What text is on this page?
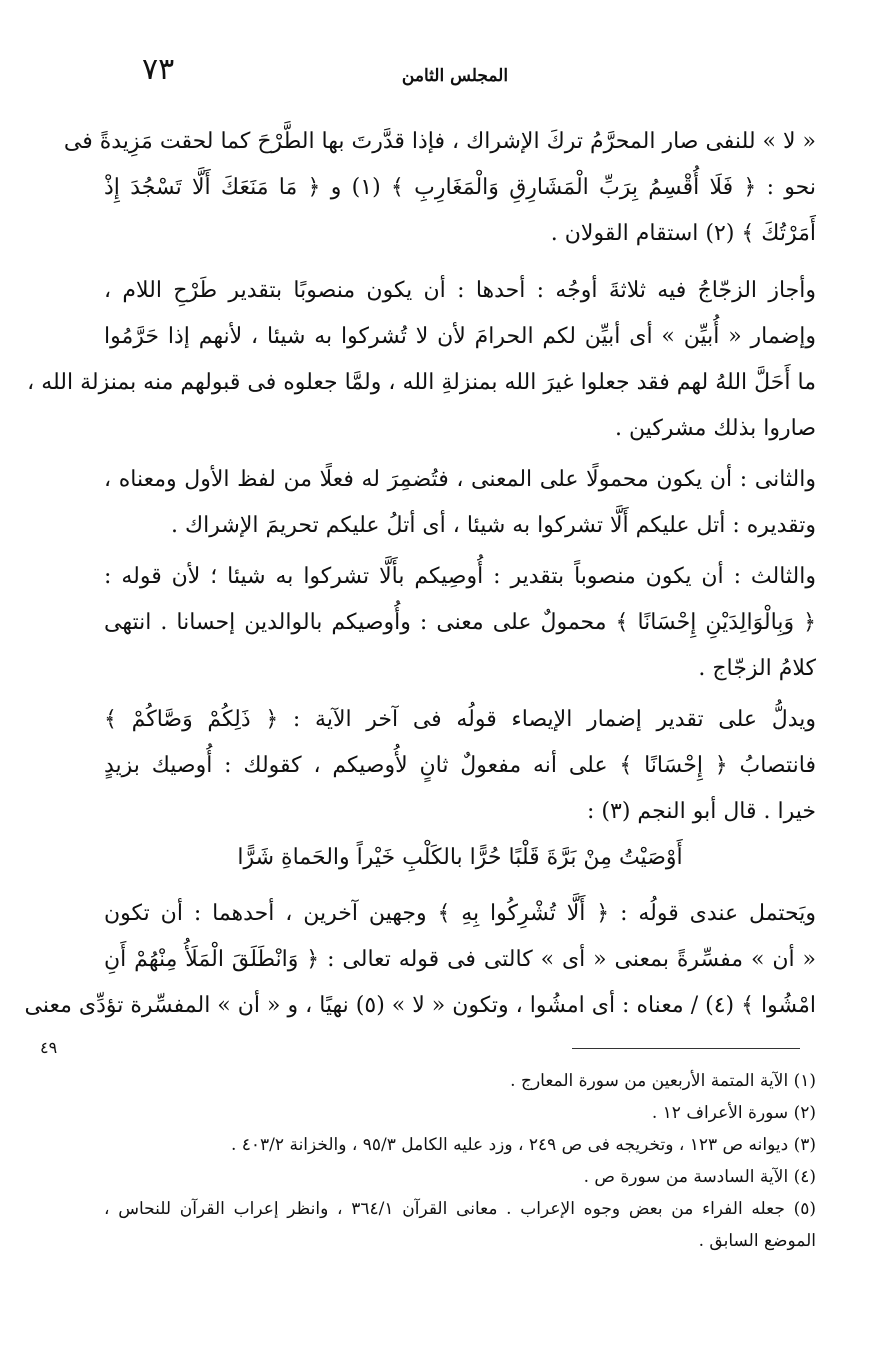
٧٣	المجلس الثامن
« لا » للنفى صار المحرَّمُ تركَ الإشراك ، فإذا قدَّرتَ بها الطَّرْحَ كما لحقت مَزِيدةً فى
نحو : ﴿ فَلَا أُقْسِمُ بِرَبِّ الْمَشَارِقِ وَالْمَغَارِبِ ﴾ (١) و ﴿ مَا مَنَعَكَ أَلَّا تَسْجُدَ إِذْ
أَمَرْتُكَ ﴾ (٢) استقام القولان .
وأجاز الزجّاجُ فيه ثلاثةَ أوجُه : أحدها : أن يكون منصوبًا بتقدير طَرْحِ اللام ،
وإضمار « أُبيِّن » أى أبيِّن لكم الحرامَ لأن لا تُشركوا به شيئا ، لأنهم إذا حَرَّمُوا
ما أَحَلَّ اللهُ لهم فقد جعلوا غيرَ الله بمنزلةِ الله ، ولمَّا جعلوه فى قبولهم منه بمنزلة الله ،
صاروا بذلك مشركين .
والثانى : أن يكون محمولًا على المعنى ، فتُضمِرَ له فعلًا من لفظ الأول ومعناه ،
وتقديره : أتل عليكم أَلَّا تشركوا به شيئا ، أى أتلُ عليكم تحريمَ الإشراك .
والثالث : أن يكون منصوباً بتقدير : أُوصِيكم بأَلَّا تشركوا به شيئا ؛ لأن قوله :
﴿ وَبِالْوَالِدَيْنِ إِحْسَانًا ﴾ محمولٌ على معنى : وأُوصيكم بالوالدين إحسانا . انتهى
كلامُ الزجّاج .
ويدلُّ على تقدير إضمار الإيصاء قولُه فى آخر الآية : ﴿ ذَلِكُمْ وَصَّاكُمْ ﴾
فانتصابُ ﴿ إِحْسَانًا ﴾ على أنه مفعولٌ ثانٍ لأُوصيكم ، كقولك : أُوصيك بزيدٍ
خيرا . قال أبو النجم (٣) :
أَوْصَيْتُ مِنْ بَرَّةَ قَلْبًا حُرًّا بالكَلْبِ خَيْراً والحَماةِ شَرًّا
ويَحتمل عندى قولُه : ﴿ أَلَّا تُشْرِكُوا بِهِ ﴾ وجهين آخرين ، أحدهما : أن تكون
« أن » مفسِّرةً بمعنى « أى » كالتى فى قوله تعالى : ﴿ وَانْطَلَقَ الْمَلَأُ مِنْهُمْ أَنِ
امْشُوا ﴾ (٤) / معناه : أى امشُوا ، وتكون « لا » (٥) نهيًا ، و « أن » المفسِّرة تؤدِّى معنى
٤٩
(١) الآية المتمة الأربعين من سورة المعارج .
(٢) سورة الأعراف ١٢ .
(٣) ديوانه ص ١٢٣ ، وتخريجه فى ص ٢٤٩ ، وزد عليه الكامل ٩٥/٣ ، والخزانة ٤٠٣/٢ .
(٤) الآية السادسة من سورة ص .
(٥) جعله الفراء من بعض وجوه الإعراب . معانى القرآن ٣٦٤/١ ، وانظر إعراب القرآن للنحاس ،
الموضع السابق .
